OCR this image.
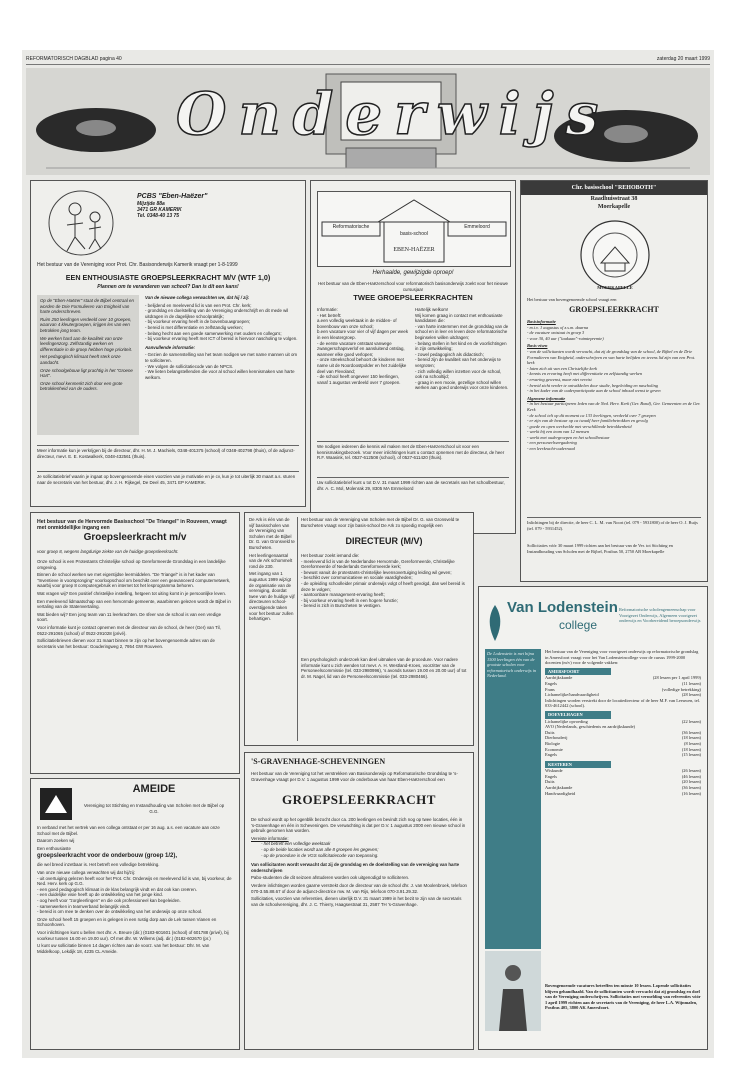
REFORMATORISCH DAGBLAD pagina 40	zaterdag 20 maart 1999
Onderwijs
PCBS "Eben-Haëzer"
Mijzijde 88a
3471 GR KAMERIK
Tel. 0348-40 13 75
Het bestuur van de Vereniging voor Prot. Chr. Basisonderwijs Kamerik vraagt per 1-8-1999
EEN ENTHOUSIASTE GROEPSLEERKRACHT M/V (WTF 1,0)
Plannen om te veranderen van school? Dan is dit een kans!

Op de "Eben-Haëzer" staat de Bijbel centraal en worden de Drie Formulieren van Enigheid van harte onderschreven.

Ruim 250 leerlingen verdeeld over 10 groepen, waarvan 4 kleutergroepen, krijgen les van een betrokken jong team.

We werken hard aan de kwaliteit van onze leerlingenzorg. Zelfstandig werken en differentiatie in de groep hebben hoge prioriteit.

Het pedagogisch klimaat heeft sterk onze aandacht.

Onze schoolgebouw ligt prachtig in het "Groene Hart".

Onze school kenmerkt zich door een grote betrokkenheid van de ouders.

Van de nieuwe collega verwachten we, dat hij / zij:

- belijdend en meelevend lid is van een Prot. Chr. kerk;
- grondslag en doelstelling van de Vereniging onderschrijft en dit mede wil uitdragen in de dagelijkse schoolpraktijk;
- bij voorkeur ervaring heeft in de bovenbouwgroepen;
- bereid is met differentiatie en zelfstandig werken;
- belang hecht aan een goede samenwerking met ouders en collega's;
- bij voorkeur ervaring heeft met ICT of bereid is hiervoor nascholing te volgen.

Aanvullende informatie:

- Gezien de samenstelling van het team nodigen we met name mannen uit om te solliciteren.
- We volgen de sollicitatiecode van de NPCS.
- We lieten belangstellenden die voor al school willen kennismaken van harte welkom.
Meer informatie kun je verkrijgen bij de directeur, dhr. H. M. J. Machiels, 0348-401375 (school) of 0348-402798 (thuis), of de adjunct-directeur, mevr. E. E. Kostwalkerk, 0348-432561 (thuis).
Je sollicitatiebrief waarin je ingaat op bovengenoemde eisen voorzien van je motivatie en je cv, kun je tot uiterlijk 30 maart a.s. sturen naar de secretaris van het bestuur, dhr. J. H. Rijkegel, De Deel 45, 3471 EP KAMERIK.
Reformatorische
basis-school
Emmeloord
EBEN-HAËZER
Herhaalde, gewijzigde oproep!
Het bestuur van de Eben-Haëzerschool voor reformatorisch basisonderwijs zoekt voor het nieuwe cursusjaar
TWEE GROEPSLEERKRACHTEN
Informatie:
- Het betreft:
a.een volledig weektaak in de midden- of bovenbouw van onze school;
b.een vacature voor vier of vijf dagen per week in een kleutergroep.
- de eerste vacature ontstaat vanwege zwangerschapsverlof en aansluitend ontslag, wanneer elke goed verlopen;
- onze streekschool behoort de kinderen met name uit de Noordoostpolder en het zuidelijke deel van Flevoland;
- de school heeft ongeveer 150 leerlingen, vanaf 1 augustus verdeeld over 7 groepen.
Hartelijk welkom!
Wij komen graag in contact met enthousiaste kandidaten die:
- van harte instemmen met de grondslag van de school en in leer en leven deze reformatorische beginselen willen uitdragen;
- belang stellen in het kind en de voorlichtingen in zijn ontwikkeling;
- zowel pedagogisch als didactisch;
- bereid zijn de kwaliteit van het onderwijs te vergroten;
- zich volledig willen inzetten voor de school, ook na schooltijd;
- graag in een mooie, gezellige school willen werken aan goed onderwijs voor onze kinderen.
We nodigen iedereen die kennis wil maken met de Eben-Haëzerschool uit voor een kennismakingsbezoek. Voor meer inlichtingen kunt u contact opnemen met de directeur, de heer R.F. Waasink, tel. 0527-612508 (school), of 0527-611420 (thuis).
Uw sollicitatiebrief kunt u tot D.V. 31 maart 1999 richten aan de secretaris van het schoolbestuur, dhr. A. C. Mol, Molenrak 29, 8305 MA Emmeloord
Chr. basisschool "REHOBOTH"
Raadhuisstraat 38
Moerkapelle
MOERKAPELLE
Het bestuur van bovengenoemde school vraagt een
GROEPSLEERKRACHT
Basisinformatie
- m.i.v. 1 augustus of z.s.m. daarna
- de vacature ontstaat in groep 3
- voor 30, 40 uur ("taakaan"-ruimtepremie)
Basis-eisen
- van de sollicitanten wordt verwacht, dat zij de grondslag van de school, de Bijbel en de Drie Formulieren van Enigheid, onderschrijven en van harte belijden en tevens lid zijn van een Prot. kerk
- laten zich uit van een Christelijke kerk
- kennis en ervaring heeft met differentiatie en zelfstandig werken
- ervaring gewenst, maar niet vereist
- bereid zicht verder te ontwikkelen door studie, begeleiding en nascholing
- in het kader van de ouderparticipatie aan de school inhoud wenst te geven
Algemene informatie
- in het bestuur participeren leden van de Ned. Herv. Kerk (Ger. Bond), Ger. Gemeenten en de Ger. Kerk
- de school telt op dit moment ca 133 leerlingen, verdeeld over 7 groepen
- er zijn van de bestuur op ca twaalf heer familiebetrokken en gevolg
- goede en open werkvelde met verschillende betrokkenheid
- werkt bij een team van 12 mensen
- werkt met oudergroepen en het schoolbestuur
- een personeelsvergadering
- een leerkracht-ouderraad
Inlichtingen bij de directie, de heer C. L. M. van Noort (tel. 079 - 5931800) of de heer O. J. Buijs (tel. 079 - 5931452).
Sollicitaties vóór 30 maart 1999 richten aan het bestuur van de Ver. tot Stichting en Instandhouding van Scholen met de Bijbel, Postbus 50, 2750 AB Moerkapelle
Het bestuur van de Hervormde Basisschool "De Triangel" in Rouveen, vraagt met onmiddellijke ingang een
Groepsleerkracht m/v
voor groep 8, wegens langdurige ziekte van de huidige groepsleerkracht.

Onze school is een Protestants Christelijke school op Gereformeerde Grondslag in een landelijke omgeving.

Binnen de school werken we met eigentijdse leermiddelen. "De Triangel" is in het kader van "Inventieve in voorspronging" voorloopschool om beschikt over een geavanceerd computernetwerk, waarbij voor groep 8 computergebruik en internet tot het lesprogramma behoren.

Wat vragen wij? Een positief christelijke instelling, hetgeen tot uiting komt in je persoonlijke leven.

Een meelevend lidmaatschap van een hervormde gemeente, waarbinnen gelezen wordt de Bijbel in vertaling van de Statenvertaling.

Wat bieden wij? Een jong team van 11 leerkrachten. De sfeer van de school is van een vredige soort.

Voor informatie kunt je contact opnemen met de directeur van de school, de heer (Ger) van Til, 0522-291065 (school) of 0522-291028 (privé).

Sollicitatiebrieven dienen voor 31 maart binnen te zijn op het bovengenoemde adres van de secretaris van het bestuur: Gouderingweg 2, 7954 GW Rouveen.

De Ark is één van de vijf basisscholen van de Vereniging van Scholen met de Bijbel Dr. G. van Gronsveld te Burscheten.

Het leerlingenaantal van de Ark schommelt rond de 230.

Met ingang van 1 augustus 1999 wijzigt de organisatie van de vereniging, doordat twee van de huidige vijf directeuren school-overstijgende taken voor het bestuur zullen behartigen.

Het bestuur van de Vereniging van Scholen met de Bijbel Dr. G. van Gronsveld te Burscheten vraagt voor zijn basis-school De Ark zo spoedig mogelijk een
DIRECTEUR (M/V)
Het bestuur zoekt iemand die:
- meelevend lid is van de Nederlandse Hervormde, Gereformeerde, Christelijke Gereformeerde of Nederlands Gereformeerde kerk;
- bewust vanuit de protestants-christelijke levensovertuiging leiding wil geven;
- beschikt over communicatieve en sociale vaardigheden;
- de opleiding schoolleider primair onderwijs volgt of heeft gevolgd, dan wel bereid is deze te volgen;
- aantoonbare management-ervaring heeft;
- bij voorkeur ervaring heeft in een hogere functie;
- bereid is zich in Burscheten te vestigen.
Een psychologisch onderzoek kan deel uitmaken van de procedure. Voor nadere informatie kunt u zich wenden tot mevr. A. H. Westland-Kroes, voorzitter van de Personeelscommissie (tel. 033-2980996), 's avonds tussen 19.00 en 20.00 uur) of tot dr. M. Nagel, lid van de Personeelscommissie (tel. 033-2980466).
AMEIDE
Vereniging tot Stichting en Instandhouding van Scholen met de Bijbel op G.G.

In verband met het vertrek van een collega ontstaat er per 16 aug. a.s. een vacature aan onze School met de Bijbel.

Daarom zoeken wij

Een enthousiaste

groepsleerkracht voor de onderbouw (groep 1/2),

die wel breed inzetbaar is. Het betreft een volledige betrekking.

Van onze nieuwe collega verwachten wij dat hij/zij:
- uit overtuiging gelezen heeft voor het Prot. Chr. Onderwijs en meelevend lid is van, bij voorkeur, de Ned. Herv. kerk op G.G.
- een goed pedagogisch klimaat in de klas belangrijk vindt en dat ook kan creëren.
- een duidelijke visie heeft op de ontwikkeling van het jonge kind.
- oog heeft voor "zorgleerlingen" en die ook professioneel kan begeleiden.
- samenwerken in teamverband belangrijk vindt.
- bereid is om mee te denken over de ontwikkeling van het onderwijs op onze school.

Onze school heeft 15 groepen en is gelegen in een rustig dorp aan de Lek tussen Vianen en Schoonhoven.

Voor inlichtingen kunt u bellen met dhr. A. Breure (dir.) (0183-601601 (school) of 601788 (privé), bij voorkeur tussen 16.00 en 19.00 uur). Of met dhr. W. Willems (adj. dir.) (0182-602670 (pr.)

U kunt uw sollicitatie binnen 14 dagen richten aan de voorz. van het bestuur: Dhr. M. van Middelkoop, Lekdijk 18, 4235 CL Ameide.

'S-GRAVENHAGE-SCHEVENINGEN
Het bestuur van de Vereniging tot het verstrekken van Basisonderwijs op Reformatorische Grondslag te 's-Gravenhage vraagt per D.V. 1 augustus 1999 voor de onderbouw van haar Eben-Haëzerschool een
GROEPSLEERKRACHT

De school wordt op het ogenblik bezocht door ca. 200 leerlingen en bevindt zich nog op twee locaties, één in 's-Gravenhage en één in Scheveningen. De verwachting is dat per D.V. 1 augustus 2000 een nieuwe school in gebruik genomen kan worden.

Vereiste informatie:
- het betreft een volledige weektaak
- op de beide locaties wordt aan alle 8 groepen les gegeven;
- op de procedure is de VGS sollicitatiecode van toepassing.

Van sollicitanten wordt verwacht dat zij de grondslag en de doelstelling van de vereniging van harte onderschrijven

Pabo-studenten die dit seizoen afstuderen worden ook uitgenodigd te solliciteren.

Verdere inlichtingen worden gaarne verstrekt door de directeur van de school dhr. J. van Moolenbroek, telefoon 070-3.55.88.67 of door de adjunct-directrice mw. M. van Rijs, telefoon 070-3.91.29.32.

Sollicitaties, voorzien van referenties, dienen uiterlijk D.V. 31 maart 1999 in het bezit te zijn van de secretaris van de schoolvereniging, dhr. J. C. Thierry, Haagsestraat 31, 2587 TH 's-Gravenhage.

Van Lodenstein
college
Reformatorische scholengemeenschap voor Voortgezet Onderwijs, Algemeen voortgezet onderwijs en Voorbereidend beroepsonderwijs
De Lodenstein is met bijna 1500 leerlingen één van de grootste scholen voor reformatorisch onderwijs in Nederland.

Het bestuur van de Vereniging voor voortgezet onderwijs op reformatorische grondslag in Amersfoort vraagt voor het Van Lodensteincollege voor de cursus 1999-2000 docenten (m/v) voor de volgende vakken:

AMERSFOORT
Aardrijkskunde	(28 lessen per 1 april 1999)
Engels	(11 lessen)
Frans	(volledige betrekking)
Lichamelijke/handvaardigheid	(28 lessen)

Inlichtingen worden verstrekt door de locatiedirecteur of de heer M.F. van Leeuwen, tel. 033-4612442 (school).

DOEVELHAGEN
Lichamelijke opvoeding	(22 lessen)
AVO (Nederlands, geschiedenis en aardrijkskunde)
Duits	(36 lessen)
Dierhouderij	(18 lessen)
Biologie	(8 lessen)
Economie	(18 lessen)
Engels	(15 lessen)
KESTEREN
Wiskunde	(26 lessen)
Engels	(46 lessen)
Duits	(20 lessen)
Aardrijkskunde	(36 lessen)
Handvaardigheid	(16 lessen)
Bovengenoemde vacatures betreffen ten minste 10 lessen. Lopende sollicitaties blijven gehandhaafd. Van de sollicitanten wordt verwacht dat zij grondslag en doel van de Vereniging onderschrijven. Sollicitaties met vermelding van referenties vóór 1 april 1999 richten aan de secretaris van de Vereniging, de heer L.A. Wijnmalen, Postbus 405, 3800 AK Amersfoort.
